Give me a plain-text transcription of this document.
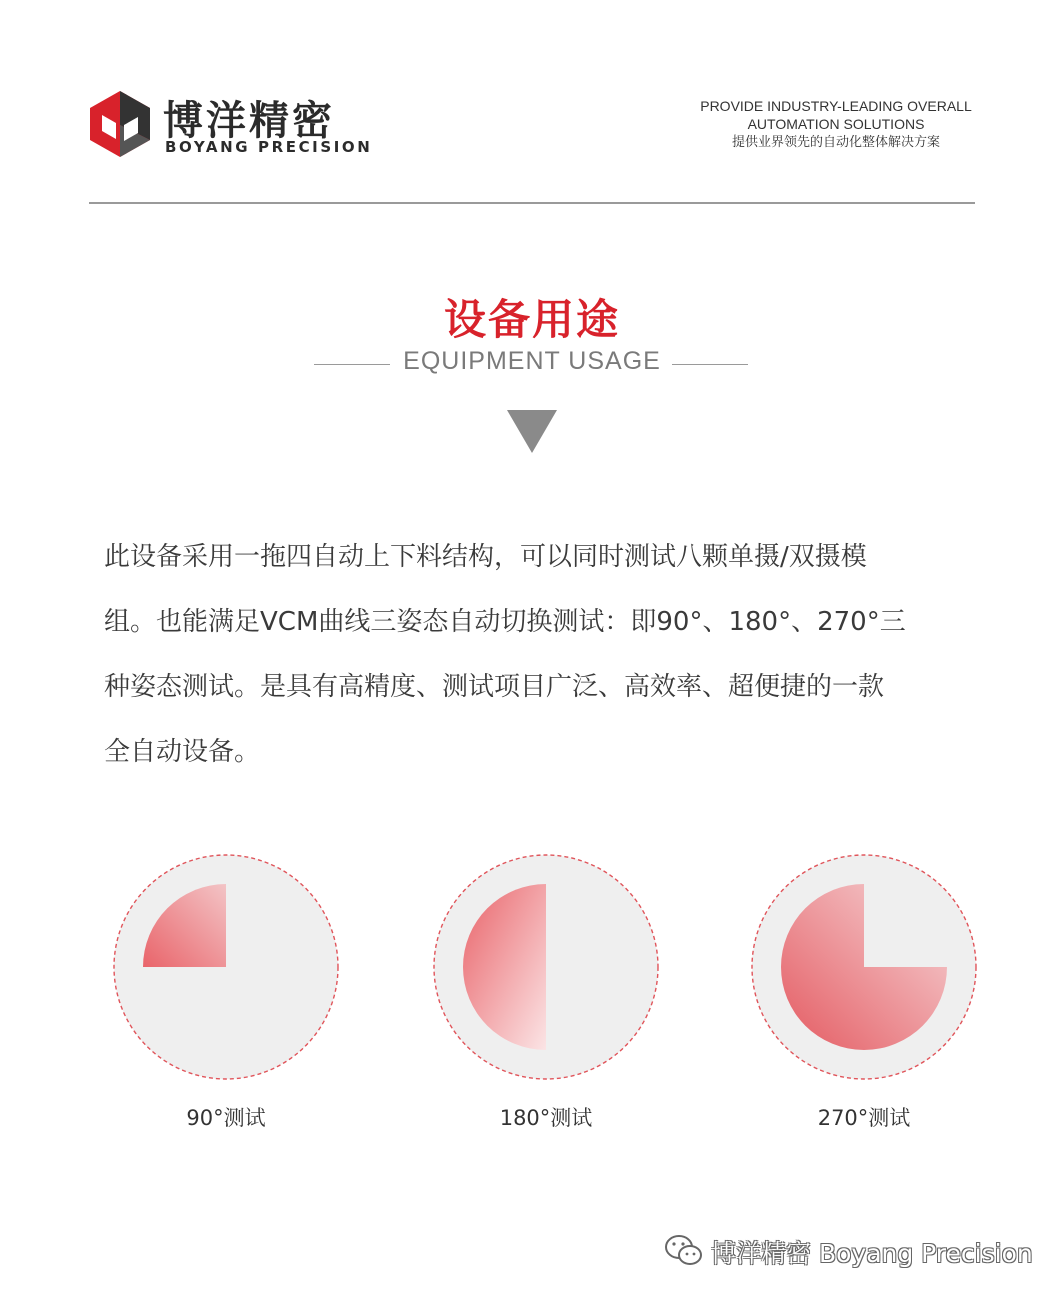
博洋精密
BOYANG PRECISION
PROVIDE INDUSTRY-LEADING OVERALL
AUTOMATION SOLUTIONS
提供业界领先的自动化整体解决方案
设备用途
EQUIPMENT USAGE
此设备采用一拖四自动上下料结构，可以同时测试八颗单摄/双摄模
组。也能满足VCM曲线三姿态自动切换测试：即90°、180°、270°三
种姿态测试。是具有高精度、测试项目广泛、高效率、超便捷的一款
全自动设备。
90°测试	180°测试	270°测试
博洋精密 Boyang Precision
